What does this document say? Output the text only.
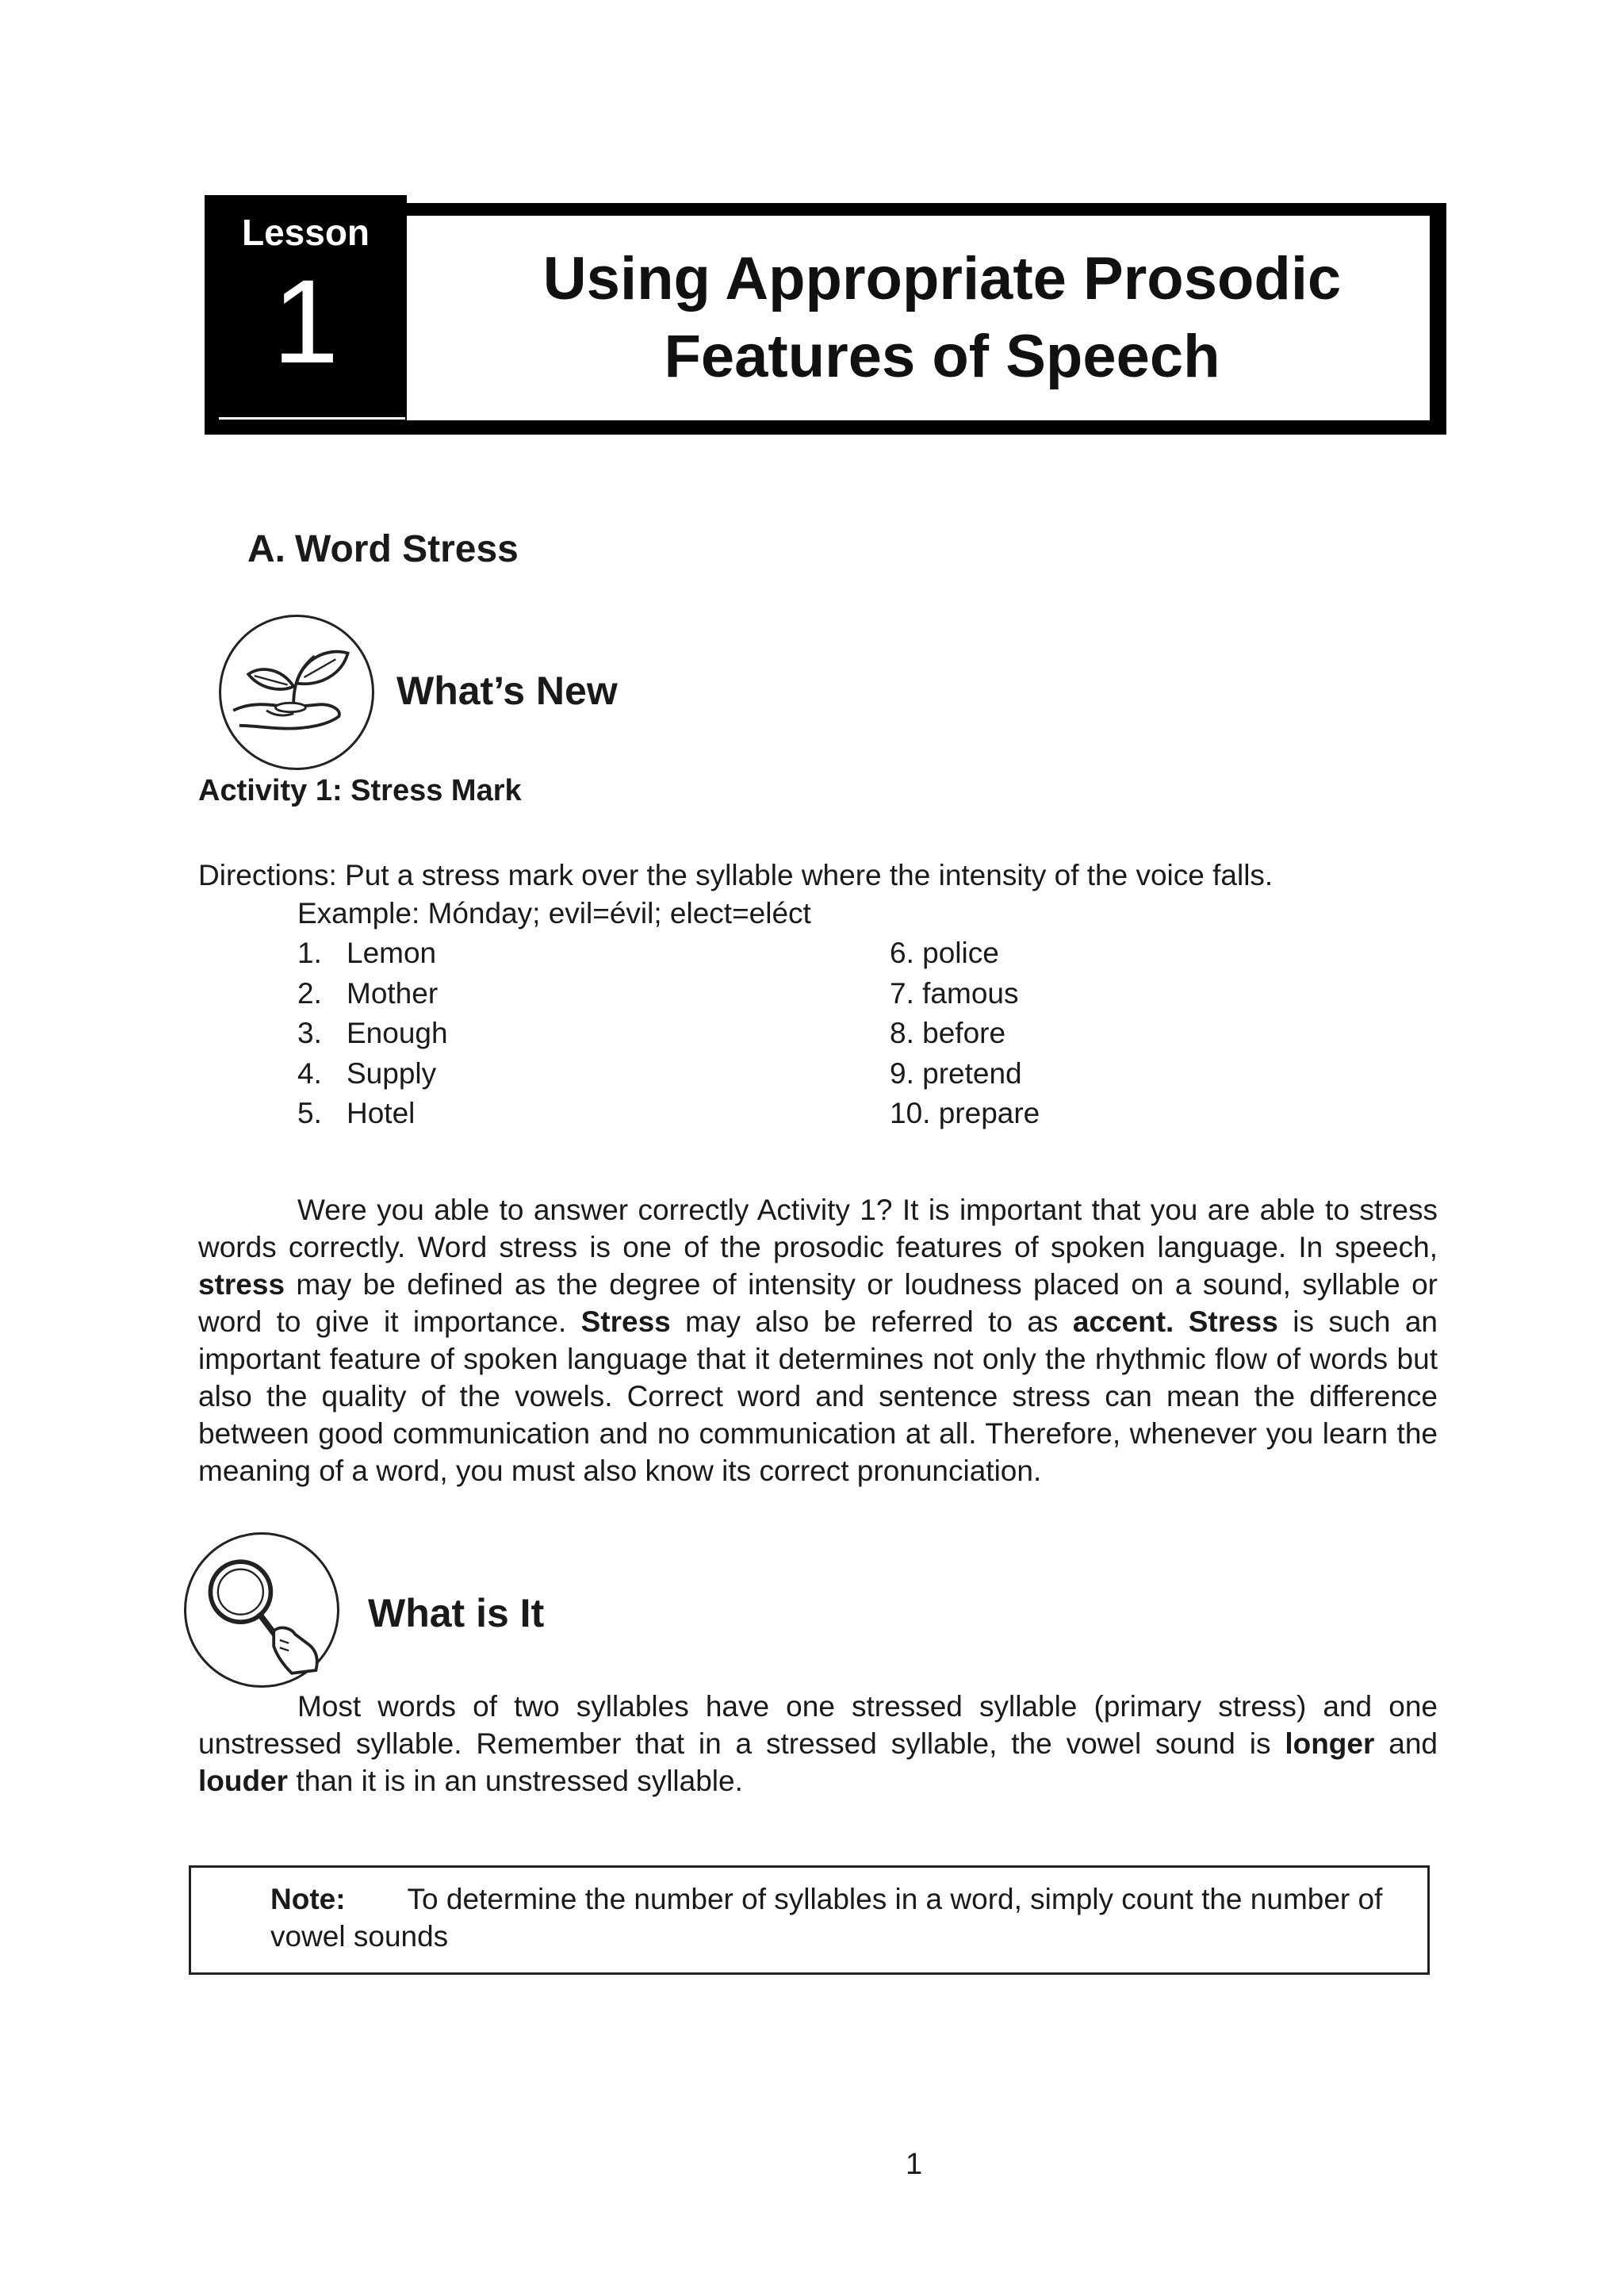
Using Appropriate Prosodic
Features of Speech
Lesson
1
A. Word Stress
What’s New
Activity 1: Stress Mark
Directions: Put a stress mark over the syllable where the intensity of the voice falls.
Example: Mónday; evil=évil; elect=eléct
1. Lemon
2. Mother
3. Enough
4. Supply
5. Hotel
6. police
7. famous
8. before
9. pretend
10. prepare

Were you able to answer correctly Activity 1? It is important that you are able to stress words correctly. Word stress is one of the prosodic features of spoken language. In speech, stress may be defined as the degree of intensity or loudness placed on a sound, syllable or word to give it importance. Stress may also be referred to as accent. Stress is such an important feature of spoken language that it determines not only the rhythmic flow of words but also the quality of the vowels. Correct word and sentence stress can mean the difference between good communication and no communication at all. Therefore, whenever you learn the meaning of a word, you must also know its correct pronunciation.

What is It

Most words of two syllables have one stressed syllable (primary stress) and one unstressed syllable. Remember that in a stressed syllable, the vowel sound is longer and louder than it is in an unstressed syllable.

Note: To determine the number of syllables in a word, simply count the number of vowel sounds
1
